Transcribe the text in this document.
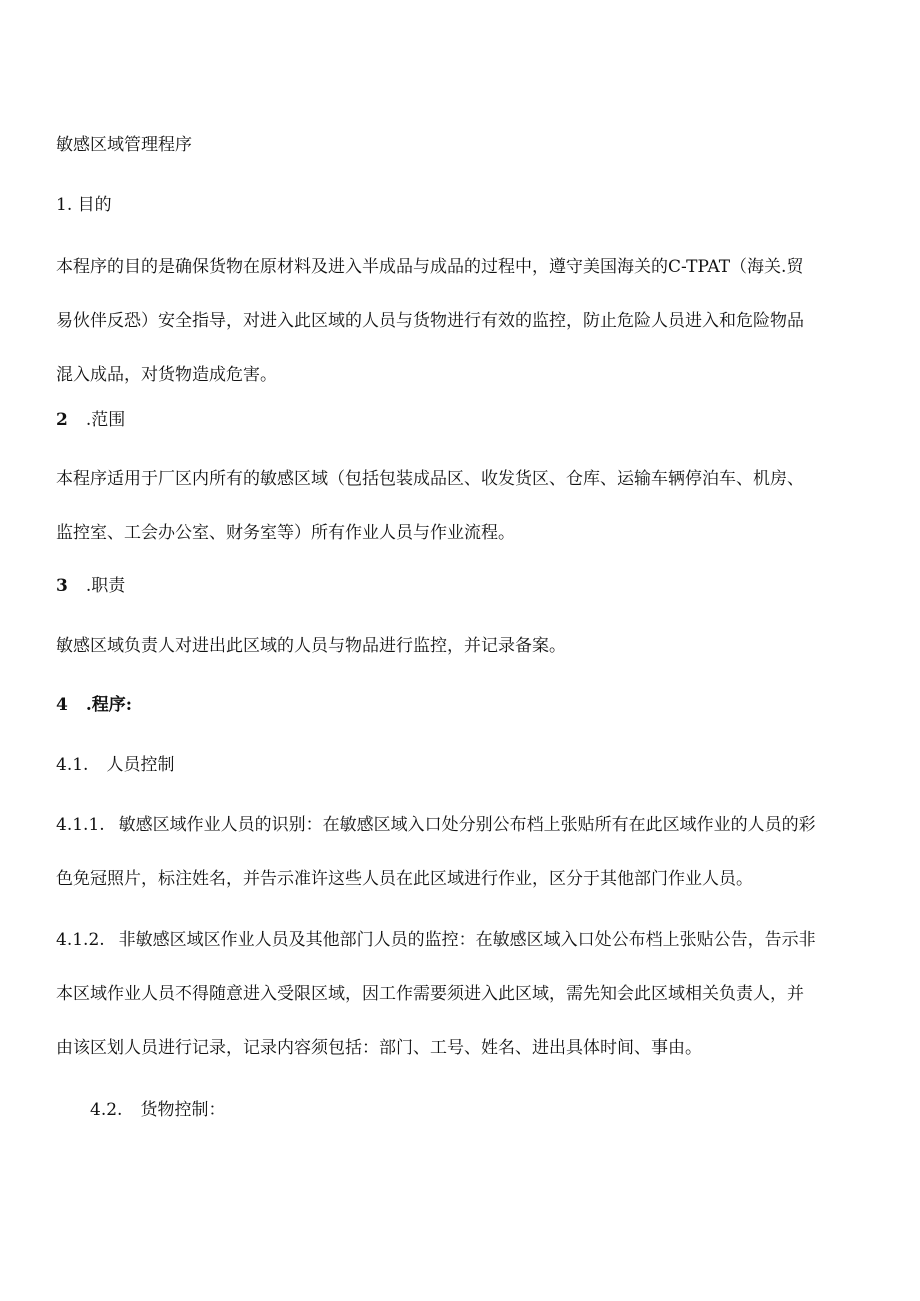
敏感区域管理程序
1. 目的
本程序的目的是确保货物在原材料及进入半成品与成品的过程中，遵守美国海关的C-TPAT（海关.贸
易伙伴反恐）安全指导，对进入此区域的人员与货物进行有效的监控，防止危险人员进入和危险物品
混入成品，对货物造成危害。
2 .范围
本程序适用于厂区内所有的敏感区域（包括包装成品区、收发货区、仓库、运输车辆停泊车、机房、
监控室、工会办公室、财务室等）所有作业人员与作业流程。
3 .职责
敏感区域负责人对进出此区域的人员与物品进行监控，并记录备案。
4 .程序:
4.1. 人员控制
4.1.1. 敏感区域作业人员的识别：在敏感区域入口处分别公布档上张贴所有在此区域作业的人员的彩
色免冠照片，标注姓名，并告示准许这些人员在此区域进行作业，区分于其他部门作业人员。
4.1.2. 非敏感区域区作业人员及其他部门人员的监控：在敏感区域入口处公布档上张贴公告，告示非
本区域作业人员不得随意进入受限区域，因工作需要须进入此区域，需先知会此区域相关负责人，并
由该区划人员进行记录，记录内容须包括：部门、工号、姓名、进出具体时间、事由。
4.2. 货物控制：
